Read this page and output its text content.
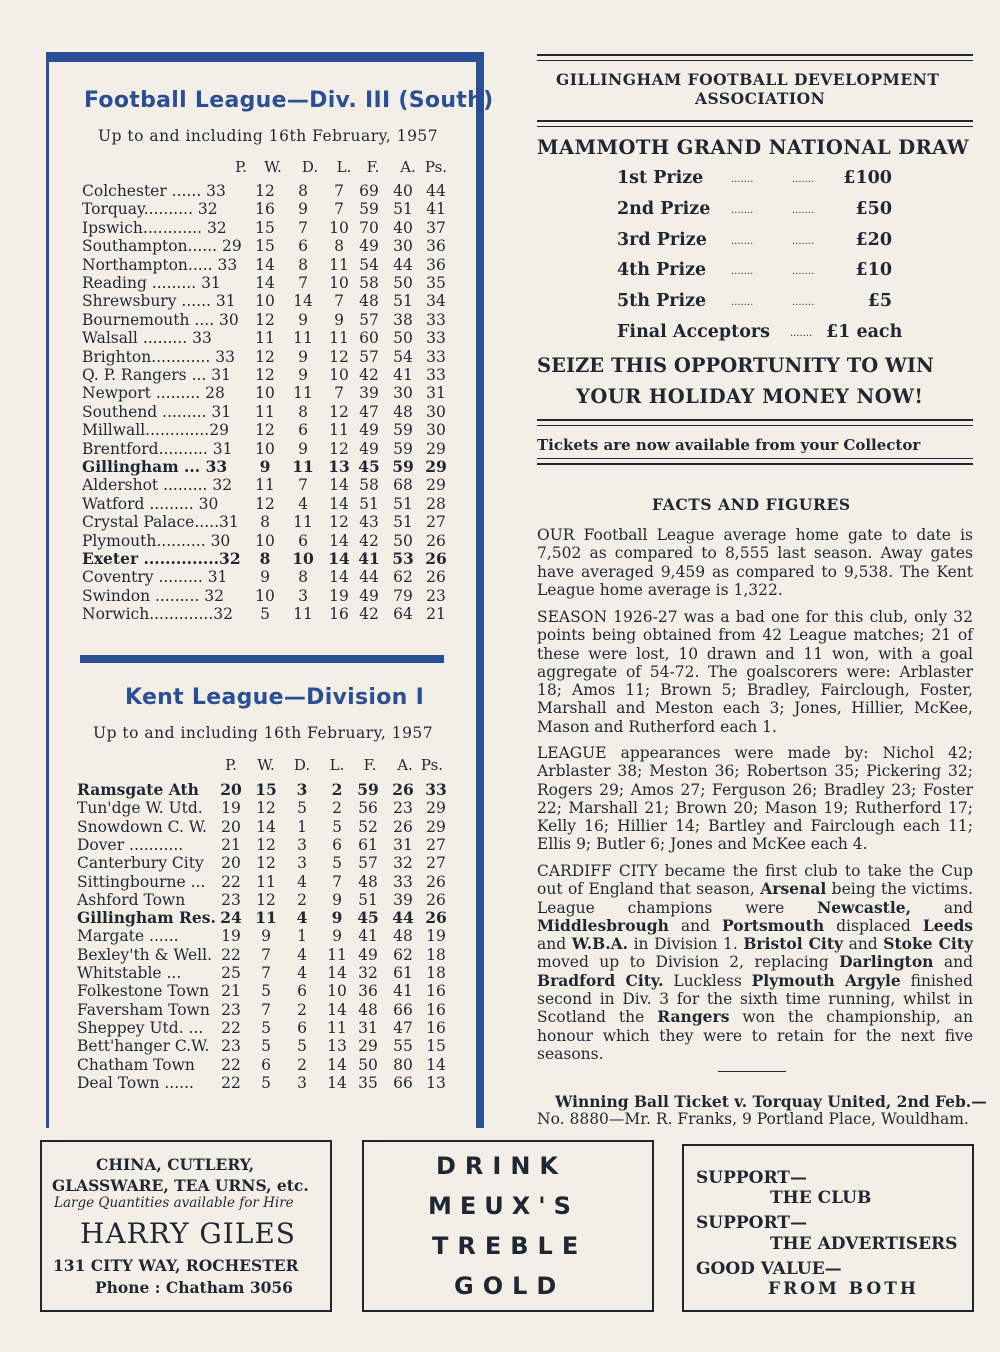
Football League—Div. III (South)
Up to and including 16th February, 1957
P.	W.	D.	L.	F.	A. Ps.
Colchester ...... 33	12	8	7 69 40 44
Torquay.......... 32	16	9	7 59 51 41
Ipswich............ 32	15	7	10 70 40 37
Southampton...... 29 15	6	8 49 30 36
Northampton..... 33	14	8	11 54 44 36
Reading ......... 31	14	7	10 58 50 35
Shrewsbury ...... 31	10	14	7 48 51 34
Bournemouth .... 30	12	9	9 57 38 33
Walsall ......... 33	11	11	11 60 50 33
Brighton............ 33	12	9	12 57 54 33
Q. P. Rangers ... 31	12	9	10 42 41 33
Newport ......... 28	10	11	7 39 30 31
Southend ......... 31	11	8	12 47 48 30
Millwall.............29	12	6	11 49 59 30
Brentford.......... 31	10	9	12 49 59 29
Gillingham ... 33	9	11 13 45 59 29
Aldershot ......... 32	11	7	14 58 68 29
Watford ......... 30	12	4	14 51 51 28
Crystal Palace.....31	8	11	12 43 51 27
Plymouth.......... 30	10	6	14 42 50 26
Exeter ..............32	8	10 14 41 53 26
Coventry ......... 31	9	8	14 44 62 26
Swindon ......... 32	10	3	19 49 79 23
Norwich.............32	5	11	16 42 64 21
Kent League—Division I
Up to and including 16th February, 1957
P.	W.	D.	L.	F.	A. Ps.
Ramsgate Ath	20 15	3	2 59 26 33
Tun'dge W. Utd.	19 12	5	2	56 23 29
Snowdown C. W. 20 14	1	5	52 26 29
Dover ...........	21 12	3	6	61 31 27
Canterbury City	20 12	3	5	57 32 27
Sittingbourne ...	22 11	4	7	48 33 26
Ashford Town	23 12	2	9	51 39 26
Gillingham Res. 24 11	4	9 45 44 26
Margate ......	19	9	1	9	41 48 19
Bexley'th & Well. 22	7	4	11 49 62 18
Whitstable ...	25	7	4	14 32 61 18
Folkestone Town 21	5	6	10 36 41 16
Faversham Town 23	7	2	14 48 66 16
Sheppey Utd. ...	22	5	6	11 31 47 16
Bett'hanger C.W. 23	5	5	13 29 55 15
Chatham Town	22	6	2	14 50 80 14
Deal Town ......	22	5	3	14 35 66 13
GILLINGHAM FOOTBALL DEVELOPMENT
ASSOCIATION
MAMMOTH GRAND NATIONAL DRAW
1st Prize	.......	....... £100
2nd Prize .......	....... £50
3rd Prize .......	....... £20
4th Prize .......	....... £10
5th Prize .......	.......	£5
Final Acceptors ....... £1 each
SEIZE THIS OPPORTUNITY TO WIN
YOUR HOLIDAY MONEY NOW!
Tickets are now available from your Collector
FACTS AND FIGURES
OUR Football League average home gate to date is 7,502 as compared to 8,555 last season. Away gates have averaged 9,459 as compared to 9,538. The Kent League home average is 1,322.
SEASON 1926-27 was a bad one for this club, only 32 points being obtained from 42 League matches; 21 of these were lost, 10 drawn and 11 won, with a goal aggregate of 54-72. The goalscorers were: Arblaster 18; Amos 11; Brown 5; Bradley, Fairclough, Foster, Marshall and Meston each 3; Jones, Hillier, McKee, Mason and Rutherford each 1.
LEAGUE appearances were made by: Nichol 42; Arblaster 38; Meston 36; Robertson 35; Pickering 32; Rogers 29; Amos 27; Ferguson 26; Bradley 23; Foster 22; Marshall 21; Brown 20; Mason 19; Rutherford 17; Kelly 16; Hillier 14; Bartley and Fairclough each 11; Ellis 9; Butler 6; Jones and McKee each 4.
CARDIFF CITY became the first club to take the Cup out of England that season, Arsenal being the victims. League champions were Newcastle, and Middlesbrough and Portsmouth displaced Leeds and W.B.A. in Division 1. Bristol City and Stoke City moved up to Division 2, replacing Darlington and Bradford City. Luckless Plymouth Argyle finished second in Div. 3 for the sixth time running, whilst in Scotland the Rangers won the championship, an honour which they were to retain for the next five seasons.
Winning Ball Ticket v. Torquay United, 2nd Feb.—
No. 8880—Mr. R. Franks, 9 Portland Place, Wouldham.
CHINA, CUTLERY,
GLASSWARE, TEA URNS, etc.
Large Quantities available for Hire
HARRY GILES
131 CITY WAY, ROCHESTER
Phone : Chatham 3056
DRINK
MEUX'S
TREBLE
GOLD
SUPPORT—
THE CLUB
SUPPORT—
THE ADVERTISERS
GOOD VALUE—
FROM BOTH
